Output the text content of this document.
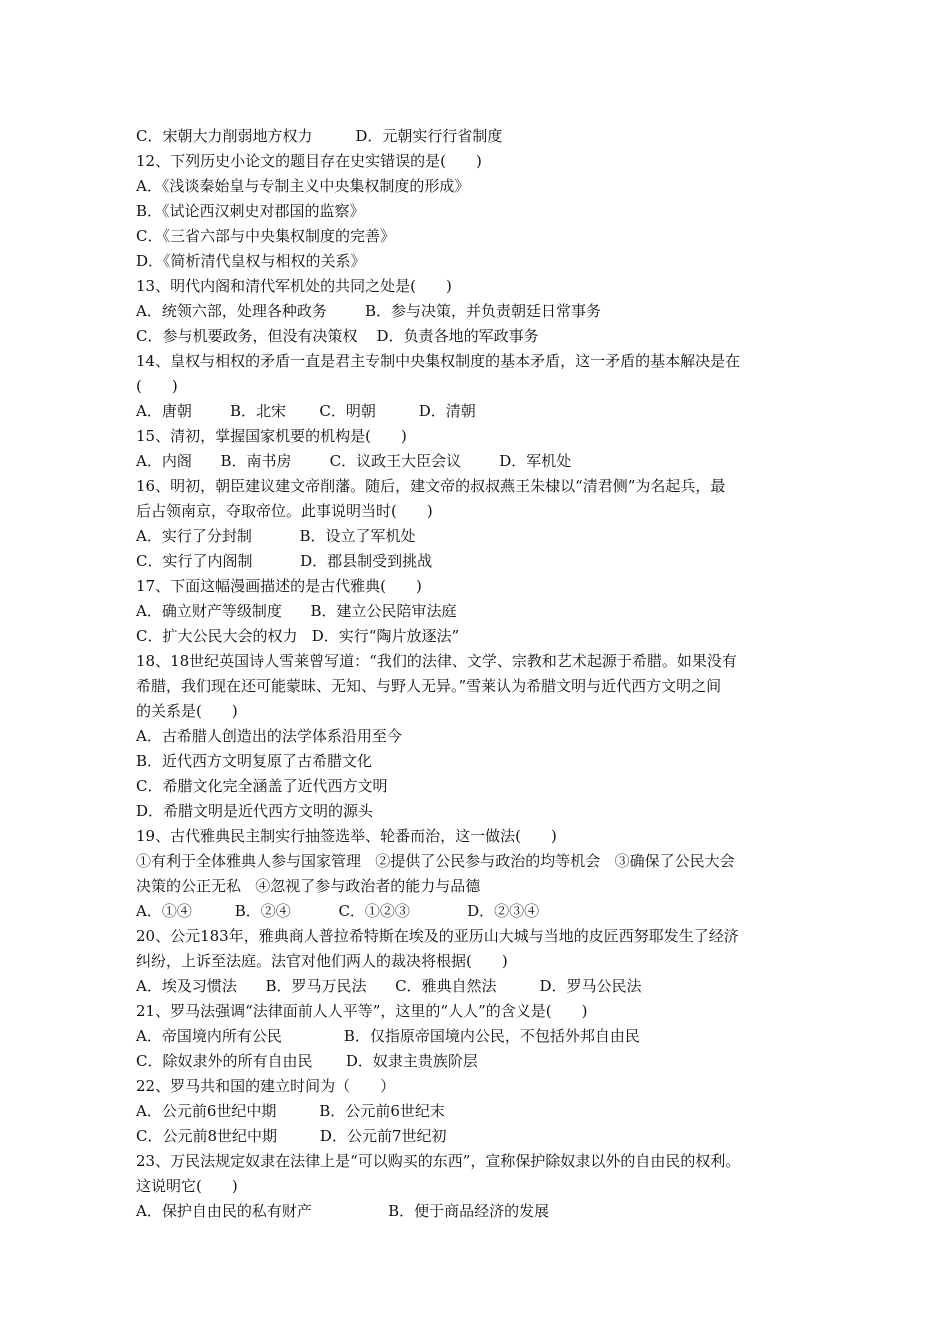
C．宋朝大力削弱地方权力         D．元朝实行行省制度
12、下列历史小论文的题目存在史实错误的是(　　)
A．《浅谈秦始皇与专制主义中央集权制度的形成》
B．《试论西汉刺史对郡国的监察》
C．《三省六部与中央集权制度的完善》
D．《简析清代皇权与相权的关系》
13、明代内阁和清代军机处的共同之处是(　　)
A．统领六部，处理各种政务        B．参与决策，并负责朝廷日常事务
C．参与机要政务，但没有决策权    D．负责各地的军政事务
14、皇权与相权的矛盾一直是君主专制中央集权制度的基本矛盾，这一矛盾的基本解决是在
(　　)
A．唐朝        B．北宋       C．明朝         D．清朝
15、清初，掌握国家机要的机构是(　　)
A．内阁      B．南书房        C．议政王大臣会议        D．军机处
16、明初，朝臣建议建文帝削藩。随后，建文帝的叔叔燕王朱棣以“清君侧”为名起兵，最
后占领南京，夺取帝位。此事说明当时(　　)
A．实行了分封制          B．设立了军机处
C．实行了内阁制          D．郡县制受到挑战
17、下面这幅漫画描述的是古代雅典(　　)
A．确立财产等级制度      B．建立公民陪审法庭
C．扩大公民大会的权力   D．实行“陶片放逐法”
18、18世纪英国诗人雪莱曾写道：“我们的法律、文学、宗教和艺术起源于希腊。如果没有
希腊，我们现在还可能蒙昧、无知、与野人无异。”雪莱认为希腊文明与近代西方文明之间
的关系是(　　)
A．古希腊人创造出的法学体系沿用至今
B．近代西方文明复原了古希腊文化
C．希腊文化完全涵盖了近代西方文明
D．希腊文明是近代西方文明的源头
19、古代雅典民主制实行抽签选举、轮番而治，这一做法(　　)
①有利于全体雅典人参与国家管理   ②提供了公民参与政治的均等机会   ③确保了公民大会
决策的公正无私   ④忽视了参与政治者的能力与品德
A．①④         B．②④          C．①②③            D．②③④
20、公元183年，雅典商人普拉希特斯在埃及的亚历山大城与当地的皮匠西努耶发生了经济
纠纷，上诉至法庭。法官对他们两人的裁决将根据(　　)
A．埃及习惯法      B．罗马万民法      C．雅典自然法         D．罗马公民法
21、罗马法强调“法律面前人人平等”，这里的“人人”的含义是(　　)
A．帝国境内所有公民             B．仅指原帝国境内公民，不包括外邦自由民
C．除奴隶外的所有自由民       D．奴隶主贵族阶层
22、罗马共和国的建立时间为（　　）
A．公元前6世纪中期         B．公元前6世纪末
C．公元前8世纪中期         D．公元前7世纪初
23、万民法规定奴隶在法律上是“可以购买的东西”，宣称保护除奴隶以外的自由民的权利。
这说明它(　　)
A．保护自由民的私有财产                B．便于商品经济的发展
